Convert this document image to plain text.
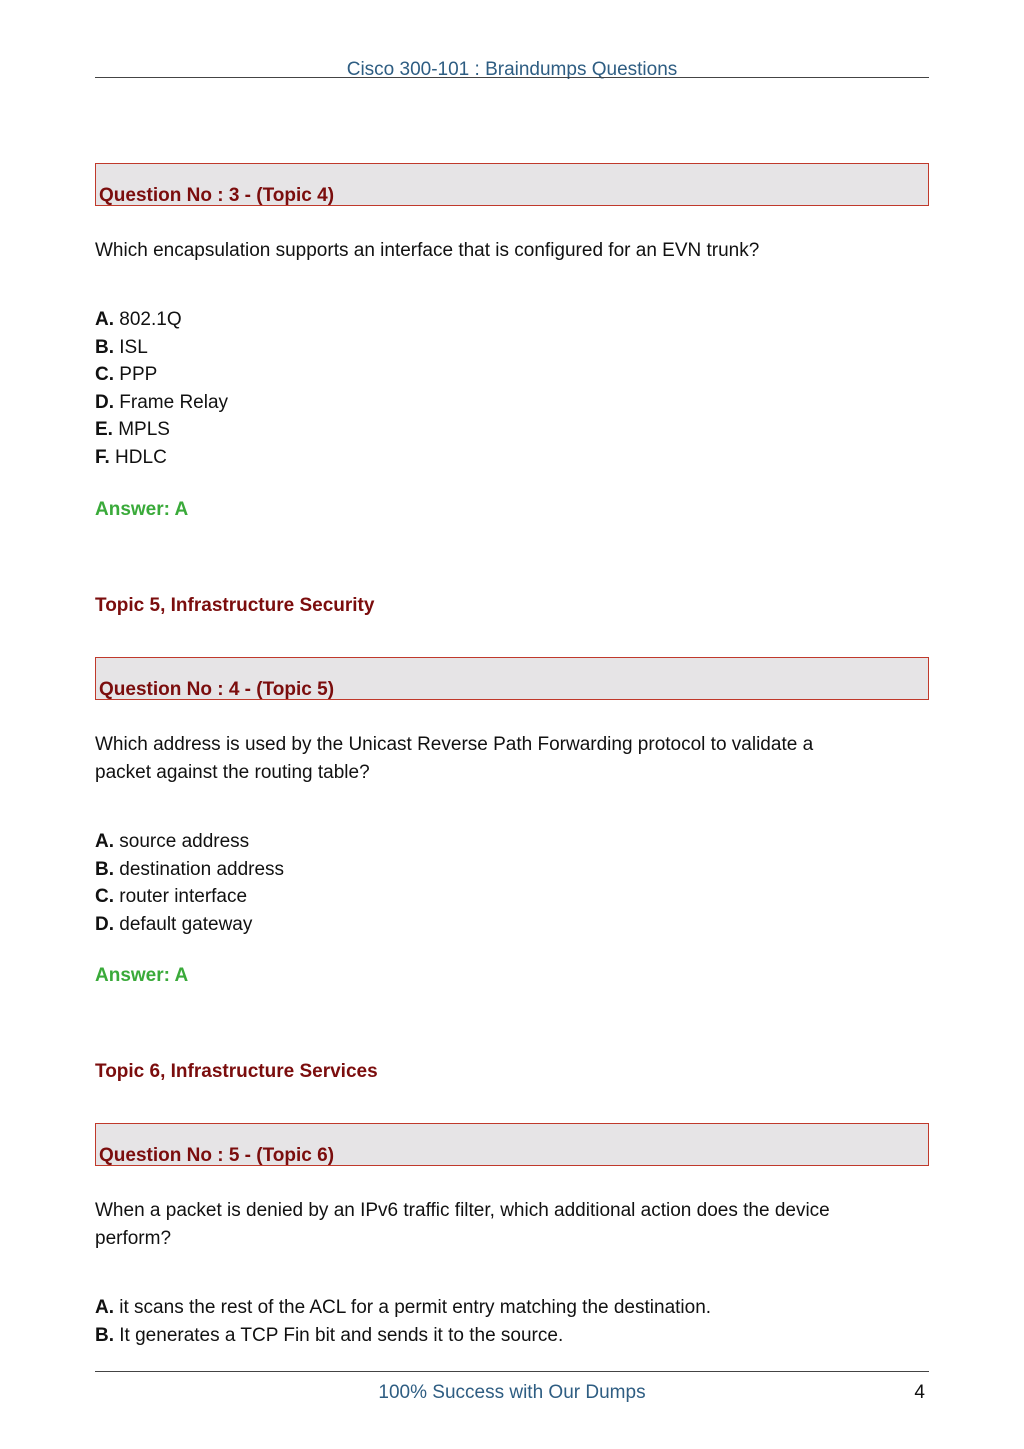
Cisco 300-101 : Braindumps Questions
Question No : 3 - (Topic 4)
Which encapsulation supports an interface that is configured for an EVN trunk?
A. 802.1Q
B. ISL
C. PPP
D. Frame Relay
E. MPLS
F. HDLC
Answer: A
Topic 5, Infrastructure Security
Question No : 4 - (Topic 5)
Which address is used by the Unicast Reverse Path Forwarding protocol to validate a
packet against the routing table?
A. source address
B. destination address
C. router interface
D. default gateway
Answer: A
Topic 6, Infrastructure Services
Question No : 5 - (Topic 6)
When a packet is denied by an IPv6 traffic filter, which additional action does the device
perform?
A. it scans the rest of the ACL for a permit entry matching the destination.
B. It generates a TCP Fin bit and sends it to the source.
100% Success with Our Dumps	4
